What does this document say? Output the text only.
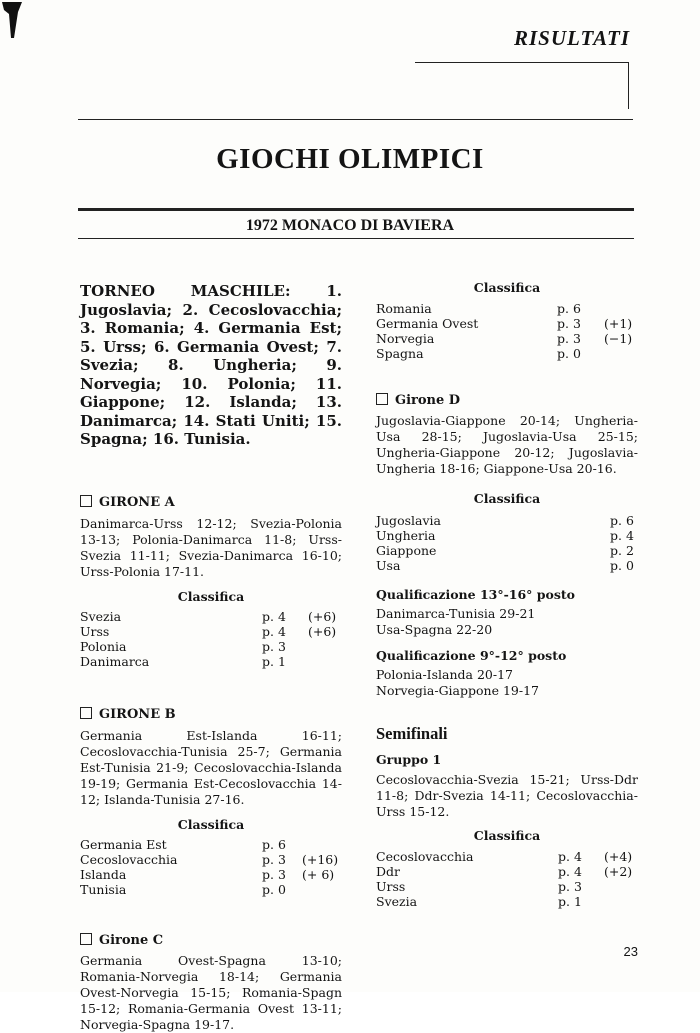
RISULTATI
GIOCHI OLIMPICI
1972 MONACO DI BAVIERA

TORNEO MASCHILE: 1. Jugoslavia; 2. Cecoslovacchia; 3. Romania; 4. Germania Est; 5. Urss; 6. Germania Ovest; 7. Svezia; 8. Ungheria; 9. Norvegia; 10. Polonia; 11. Giappone; 12. Islanda; 13. Danimarca; 14. Stati Uniti; 15. Spagna; 16. Tunisia.

GIRONE A

Danimarca-Urss 12-12; Svezia-Polonia 13-13; Polonia-Danimarca 11-8; Urss-Svezia 11-11; Svezia-Danimarca 16-10; Urss-Polonia 17-11.

Classifica

Svezia	p. 4 (+6)
Urss	p. 4 (+6)
Polonia	p. 3
Danimarca	p. 1

GIRONE B

Germania Est-Islanda 16-11; Cecoslovacchia-Tunisia 25-7; Germania Est-Tunisia 21-9; Cecoslovacchia-Islanda 19-19; Germania Est-Cecoslovacchia 14-12; Islanda-Tunisia 27-16.

Classifica

Germania Est	p. 6
Cecoslovacchia	p. 3 (+16)
Islanda	p. 3 (+ 6)
Tunisia	p. 0

Girone C

Germania Ovest-Spagna 13-10; Romania-Norvegia 18-14; Germania Ovest-Norvegia 15-15; Romania-Spagn 15-12; Romania-Germania Ovest 13-11; Norvegia-Spagna 19-17.

Classifica

Romania	p. 6
Germania Ovest	p. 3 (+1)
Norvegia	p. 3 (−1)
Spagna	p. 0

Girone D

Jugoslavia-Giappone 20-14; Ungheria-Usa 28-15; Jugoslavia-Usa 25-15; Ungheria-Giappone 20-12; Jugoslavia-Ungheria 18-16; Giappone-Usa 20-16.

Classifica

Jugoslavia	p. 6
Ungheria	p. 4
Giappone	p. 2
Usa	p. 0

Qualificazione 13°-16° posto

Danimarca-Tunisia 29-21
Usa-Spagna 22-20

Qualificazione 9°-12° posto

Polonia-Islanda 20-17
Norvegia-Giappone 19-17

Semifinali

Gruppo 1

Cecoslovacchia-Svezia 15-21; Urss-Ddr 11-8; Ddr-Svezia 14-11; Cecoslovacchia-Urss 15-12.

Classifica

Cecoslovacchia	p. 4 (+4)
Ddr	p. 4 (+2)
Urss	p. 3
Svezia	p. 1
23
